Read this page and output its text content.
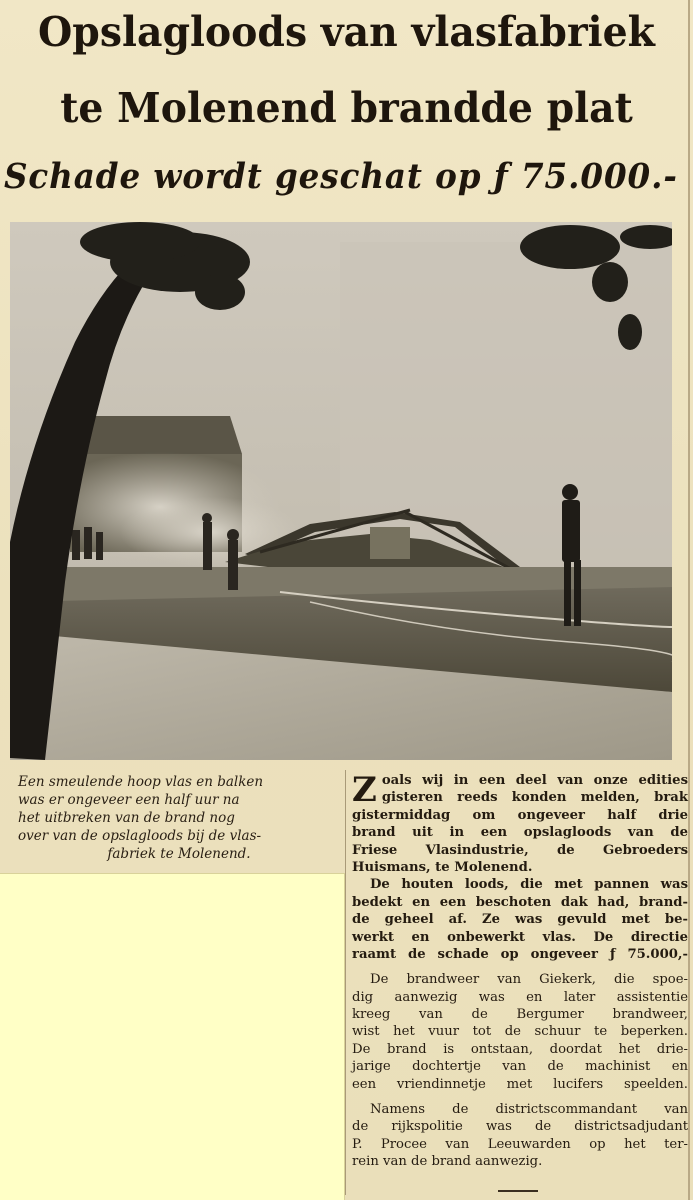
Opslagloods van vlasfabriek
te Molenend brandde plat
Schade wordt geschat op ƒ 75.000.-
Een smeulende hoop vlas en balken
was er ongeveer een half uur na
het uitbreken van de brand nog
over van de opslagloods bij de vlas-
fabriek te Molenend.
Z oals wij in een deel van onze edities
gisteren reeds konden melden, brak
gistermiddag om ongeveer half drie
brand uit in een opslagloods van de
Friese Vlasindustrie, de Gebroeders
Huismans, te Molenend.
De houten loods, die met pannen was
bedekt en een beschoten dak had, brand-
de geheel af. Ze was gevuld met be-
werkt en onbewerkt vlas. De directie
raamt de schade op ongeveer ƒ 75.000,-
De brandweer van Giekerk, die spoe-
dig aanwezig was en later assistentie
kreeg van de Bergumer brandweer,
wist het vuur tot de schuur te beperken.
De brand is ontstaan, doordat het drie-
jarige dochtertje van de machinist en
een vriendinnetje met lucifers speelden.
Namens de districtscommandant van
de rijkspolitie was de districtsadjudant
P. Procee van Leeuwarden op het ter-
rein van de brand aanwezig.
